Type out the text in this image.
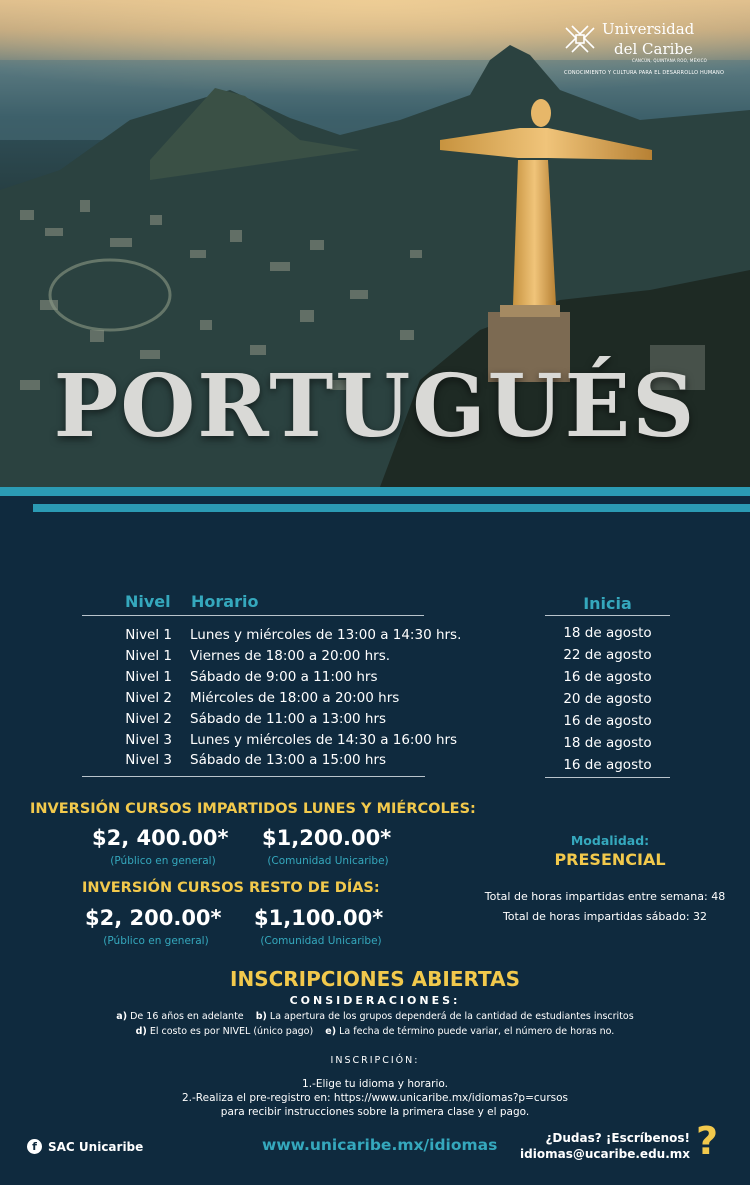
Universidad
del Caribe
CANCÚN, QUINTANA ROO, MÉXICO
CONOCIMIENTO Y CULTURA PARA EL DESARROLLO HUMANO
PORTUGUÉS
Nivel Horario	Inicia
Nivel 1 Lunes y miércoles de 13:00 a 14:30 hrs.	18 de agosto
Nivel 1 Viernes de 18:00 a 20:00 hrs.	22 de agosto
Nivel 1 Sábado de 9:00 a 11:00 hrs	16 de agosto
Nivel 2 Miércoles de 18:00 a 20:00 hrs	20 de agosto
Nivel 2 Sábado de 11:00 a 13:00 hrs	16 de agosto
Nivel 3 Lunes y miércoles de 14:30 a 16:00 hrs	18 de agosto
Nivel 3 Sábado de 13:00 a 15:00 hrs	16 de agosto
INVERSIÓN CURSOS IMPARTIDOS LUNES Y MIÉRCOLES:
$2, 400.00*
(Público en general)
$1,200.00*
(Comunidad Unicaribe)
INVERSIÓN CURSOS RESTO DE DÍAS:
$2, 200.00*
(Público en general)
$1,100.00*
(Comunidad Unicaribe)
Modalidad:
PRESENCIAL
Total de horas impartidas entre semana: 48
Total de horas impartidas sábado: 32
INSCRIPCIONES ABIERTAS
CONSIDERACIONES:
a) De 16 años en adelante b) La apertura de los grupos dependerá de la cantidad de estudiantes inscritos
d) El costo es por NIVEL (único pago) e) La fecha de término puede variar, el número de horas no.
INSCRIPCIÓN:
1.-Elige tu idioma y horario.
2.-Realiza el pre-registro en: https://www.unicaribe.mx/idiomas?p=cursos
para recibir instrucciones sobre la primera clase y el pago.
f SAC Unicaribe	www.unicaribe.mx/idiomas	¿Dudas? ¡Escríbenos!
idiomas@ucaribe.edu.mx ?
